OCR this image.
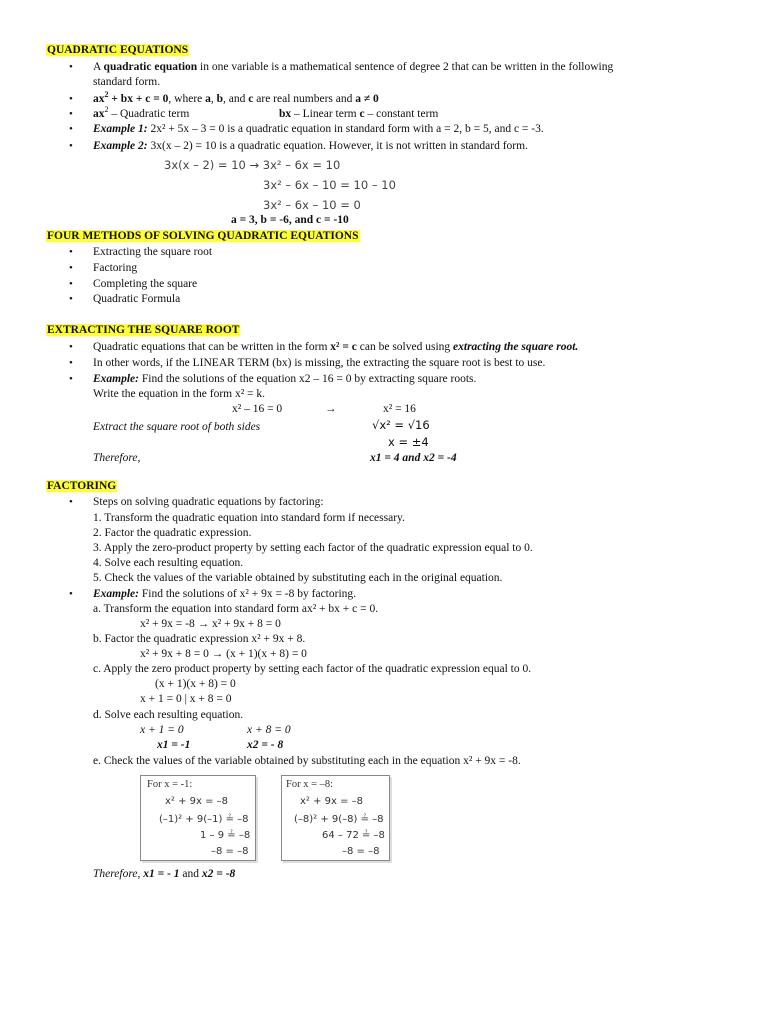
QUADRATIC EQUATIONS
• A quadratic equation in one variable is a mathematical sentence of degree 2 that can be written in the following
standard form.
• $ax^2$ + bx + c = 0, where a, b, and c are real numbers and a ≠ 0
• $ax^2$ – Quadratic term	bx – Linear term c – constant term
• Example 1: 2x² + 5x – 3 = 0 is a quadratic equation in standard form with a = 2, b = 5, and c = -3.
• Example 2: 3x(x – 2) = 10 is a quadratic equation. However, it is not written in standard form.
3x(x – 2) = 10 → 3x² – 6x = 10
3x² – 6x – 10 = 10 – 10
3x² – 6x – 10 = 0
a = 3, b = -6, and c = -10
FOUR METHODS OF SOLVING QUADRATIC EQUATIONS
• Extracting the square root
• Factoring
• Completing the square
• Quadratic Formula
EXTRACTING THE SQUARE ROOT
• Quadratic equations that can be written in the form x² = c can be solved using extracting the square root.
• In other words, if the LINEAR TERM (bx) is missing, the extracting the square root is best to use.
• Example: Find the solutions of the equation x2 – 16 = 0 by extracting square roots.
Write the equation in the form x² = k.
x² – 16 = 0	→	x² = 16
Extract the square root of both sides	√x² = √16
x = ±4
Therefore,	x1 = 4 and x2 = -4
FACTORING
• Steps on solving quadratic equations by factoring:
1. Transform the quadratic equation into standard form if necessary.
2. Factor the quadratic expression.
3. Apply the zero-product property by setting each factor of the quadratic expression equal to 0.
4. Solve each resulting equation.
5. Check the values of the variable obtained by substituting each in the original equation.
• Example: Find the solutions of x² + 9x = -8 by factoring.
a. Transform the equation into standard form ax² + bx + c = 0.
x² + 9x = -8 → x² + 9x + 8 = 0
b. Factor the quadratic expression x² + 9x + 8.
x² + 9x + 8 = 0 → (x + 1)(x + 8) = 0
c. Apply the zero product property by setting each factor of the quadratic expression equal to 0.
(x + 1)(x + 8) = 0
x + 1 = 0 | x + 8 = 0
d. Solve each resulting equation.
x + 1 = 0	x + 8 = 0
x1 = -1	x2 = - 8
e. Check the values of the variable obtained by substituting each in the equation x² + 9x = -8.
For x = -1:
x² + 9x = –8
(–1)² + 9(–1) ≟ –8
1 – 9 ≟ –8
–8 = –8
For x = –8:
x² + 9x = –8
(–8)² + 9(–8) ≟ –8
64 – 72 ≟ –8
–8 = –8
Therefore, x1 = - 1 and x2 = -8
